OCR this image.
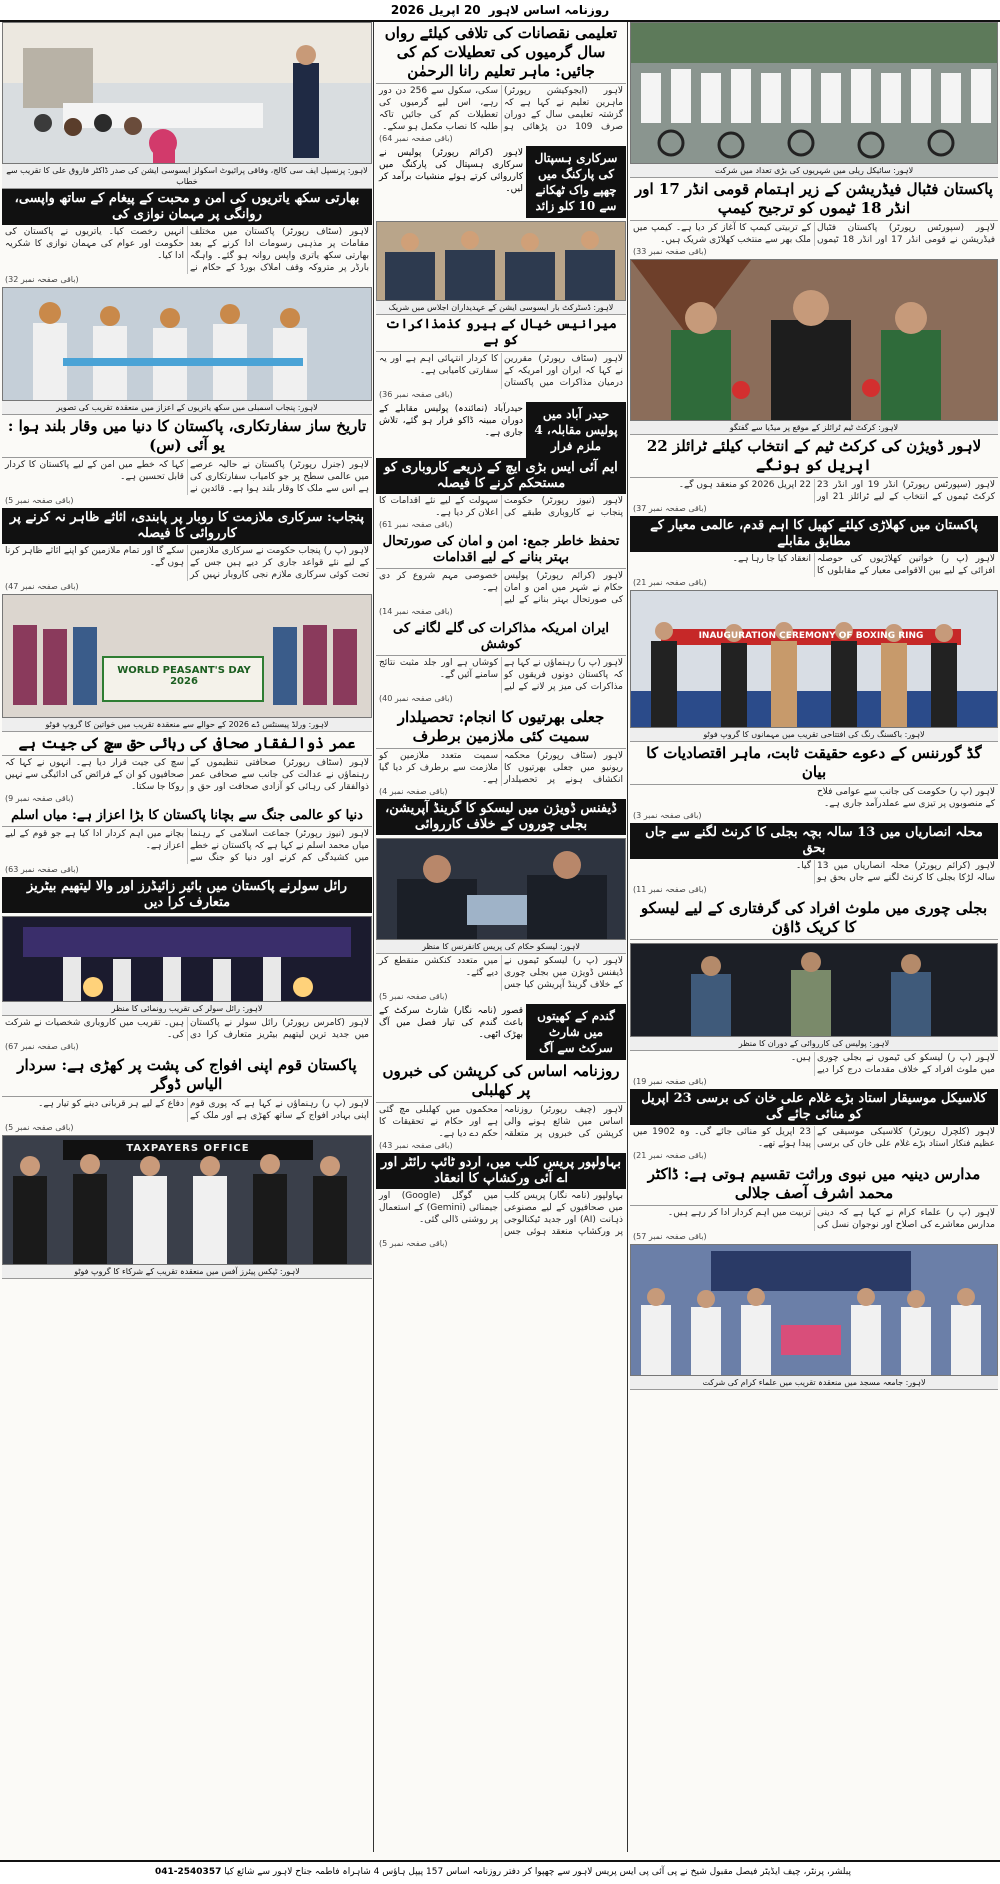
روزنامہ اساس لاہور
20 اپریل 2026
لاہور: پرنسپل ایف سی کالج، وفاقی پرائیوٹ اسکولز ایسوسی ایشن کی صدر ڈاکٹر فاروق علی کا تقریب سے خطاب
بھارتی سکھ یاتریوں کی امن و محبت کے پیغام کے ساتھ واپسی، روانگی پر مہمان نوازی کی
لاہور (سٹاف رپورٹر) پاکستان میں مختلف مقامات پر مذہبی رسومات ادا کرنے کے بعد بھارتی سکھ یاتری واپس روانہ ہو گئے۔ واہگہ بارڈر پر متروکہ وقف املاک بورڈ کے حکام نے انہیں رخصت کیا۔ یاتریوں نے پاکستان کی حکومت اور عوام کی مہمان نوازی کا شکریہ ادا کیا۔
(باقی صفحہ نمبر 32)
لاہور: پنجاب اسمبلی میں سکھ یاتریوں کے اعزاز میں منعقدہ تقریب کی تصویر
تاریخ ساز سفارتکاری، پاکستان کا دنیا میں وقار بلند ہوا : یو آئی (س)
لاہور (جنرل رپورٹر) پاکستان نے حالیہ عرصے میں عالمی سطح پر جو کامیاب سفارتکاری کی ہے اس سے ملک کا وقار بلند ہوا ہے۔ قائدین نے کہا کہ خطے میں امن کے لیے پاکستان کا کردار قابل تحسین ہے۔
(باقی صفحہ نمبر 5)
پنجاب: سرکاری ملازمت کا روبار پر پابندی، اثاثے ظاہر نہ کرنے پر کارروائی کا فیصلہ
لاہور (پ ر) پنجاب حکومت نے سرکاری ملازمین کے لیے نئے قواعد جاری کر دیے ہیں جس کے تحت کوئی سرکاری ملازم نجی کاروبار نہیں کر سکے گا اور تمام ملازمین کو اپنے اثاثے ظاہر کرنا ہوں گے۔
(باقی صفحہ نمبر 47)
WORLD PEASANT'S DAY 2026
لاہور: ورلڈ پیسنٹس ڈے 2026 کے حوالے سے منعقدہ تقریب میں خواتین کا گروپ فوٹو
عمر ذوالفقار صحافی کی رہائی حق سچ کی جیت ہے
لاہور (سٹاف رپورٹر) صحافتی تنظیموں کے رہنماؤں نے عدالت کی جانب سے صحافی عمر ذوالفقار کی رہائی کو آزادی صحافت اور حق و سچ کی جیت قرار دیا ہے۔ انہوں نے کہا کہ صحافیوں کو ان کے فرائض کی ادائیگی سے نہیں روکا جا سکتا۔
(باقی صفحہ نمبر 9)
دنیا کو عالمی جنگ سے بچانا پاکستان کا بڑا اعزاز ہے: میاں اسلم
لاہور (نیوز رپورٹر) جماعت اسلامی کے رہنما میاں محمد اسلم نے کہا ہے کہ پاکستان نے خطے میں کشیدگی کم کرنے اور دنیا کو جنگ سے بچانے میں اہم کردار ادا کیا ہے جو قوم کے لیے اعزاز ہے۔
(باقی صفحہ نمبر 63)
رائل سولرنے پاکستان میں بائیر زائیڈرز اور والا لیتھیم بیٹریز متعارف کرا دیں
لاہور: رائل سولر کی تقریب رونمائی کا منظر
لاہور (کامرس رپورٹر) رائل سولر نے پاکستان میں جدید ترین لیتھیم بیٹریز متعارف کرا دی ہیں۔ تقریب میں کاروباری شخصیات نے شرکت کی۔
(باقی صفحہ نمبر 67)
پاکستان قوم اپنی افواج کی پشت پر کھڑی ہے: سردار الیاس ڈوگر
لاہور (پ ر) رہنماؤں نے کہا ہے کہ پوری قوم اپنی بہادر افواج کے ساتھ کھڑی ہے اور ملک کے دفاع کے لیے ہر قربانی دینے کو تیار ہے۔
(باقی صفحہ نمبر 5)
TAXPAYERS OFFICE
لاہور: ٹیکس پیئرز آفس میں منعقدہ تقریب کے شرکاء کا گروپ فوٹو
تعلیمی نقصانات کی تلافی کیلئے رواں سال گرمیوں کی تعطیلات کم کی جائیں: ماہر تعلیم رانا الرحمٰن
لاہور (ایجوکیشن رپورٹر) ماہرین تعلیم نے کہا ہے کہ گزشتہ تعلیمی سال کے دوران صرف 109 دن پڑھائی ہو سکی، سکول سے 256 دن دور رہے، اس لیے گرمیوں کی تعطیلات کم کی جائیں تاکہ طلبہ کا نصاب مکمل ہو سکے۔
(باقی صفحہ نمبر 64)
سرکاری ہسپتال کی پارکنگ میں چھپے واک ٹھکانے سے 10 کلو زائد
لاہور (کرائم رپورٹر) پولیس نے سرکاری ہسپتال کی پارکنگ میں کارروائی کرتے ہوئے منشیات برآمد کر لیں۔
لاہور: ڈسٹرکٹ بار ایسوسی ایشن کے عہدیداران اجلاس میں شریک
میرانیس خیال کے ہیرو کذمذاکرات کو ہے
لاہور (سٹاف رپورٹر) مقررین نے کہا کہ ایران اور امریکہ کے درمیان مذاکرات میں پاکستان کا کردار انتہائی اہم ہے اور یہ سفارتی کامیابی ہے۔
(باقی صفحہ نمبر 36)
حیدر آباد میں پولیس مقابلہ، 4 ملزم فرار
حیدرآباد (نمائندہ) پولیس مقابلے کے دوران مبینہ ڈاکو فرار ہو گئے، تلاش جاری ہے۔
ایم آئی ایس بڑی ایچ کے ذریعے کاروباری کو مستحکم کرنے کا فیصلہ
لاہور (نیوز رپورٹر) حکومت پنجاب نے کاروباری طبقے کی سہولت کے لیے نئے اقدامات کا اعلان کر دیا ہے۔
(باقی صفحہ نمبر 61)
تحفظ خاطر جمع: امن و امان کی صورتحال بہتر بنانے کے لیے اقدامات
لاہور (کرائم رپورٹر) پولیس حکام نے شہر میں امن و امان کی صورتحال بہتر بنانے کے لیے خصوصی مہم شروع کر دی ہے۔
(باقی صفحہ نمبر 14)
ایران امریکہ مذاکرات کی گلے لگانے کی کوشش
لاہور (پ ر) رہنماؤں نے کہا ہے کہ پاکستان دونوں فریقوں کو مذاکرات کی میز پر لانے کے لیے کوشاں ہے اور جلد مثبت نتائج سامنے آئیں گے۔
(باقی صفحہ نمبر 40)
جعلی بھرتیوں کا انجام: تحصیلدار سمیت کئی ملازمین برطرف
لاہور (سٹاف رپورٹر) محکمہ ریونیو میں جعلی بھرتیوں کا انکشاف ہونے پر تحصیلدار سمیت متعدد ملازمین کو ملازمت سے برطرف کر دیا گیا ہے۔
(باقی صفحہ نمبر 4)
ڈیفنس ڈویژن میں لیسکو کا گرینڈ آپریشن، بجلی چوروں کے خلاف کارروائی
لاہور: لیسکو حکام کی پریس کانفرنس کا منظر
لاہور (پ ر) لیسکو ٹیموں نے ڈیفنس ڈویژن میں بجلی چوری کے خلاف گرینڈ آپریشن کیا جس میں متعدد کنکشن منقطع کر دیے گئے۔
(باقی صفحہ نمبر 5)
گندم کے کھیتوں میں شارٹ سرکٹ سے آگ
قصور (نامہ نگار) شارٹ سرکٹ کے باعث گندم کی تیار فصل میں آگ بھڑک اٹھی۔
روزنامہ اساس کی کرپشن کی خبروں پر کھلبلی
لاہور (چیف رپورٹر) روزنامہ اساس میں شائع ہونے والی کرپشن کی خبروں پر متعلقہ محکموں میں کھلبلی مچ گئی ہے اور حکام نے تحقیقات کا حکم دے دیا ہے۔
(باقی صفحہ نمبر 43)
بہاولپور پریس کلب میں، اردو ٹائپ رائٹر اور اے آئی ورکشاپ کا انعقاد
بہاولپور (نامہ نگار) پریس کلب میں صحافیوں کے لیے مصنوعی ذہانت (AI) اور جدید ٹیکنالوجی پر ورکشاپ منعقد ہوئی جس میں گوگل (Google) اور جیمنائی (Gemini) کے استعمال پر روشنی ڈالی گئی۔
(باقی صفحہ نمبر 5)
لاہور: سائیکل ریلی میں شہریوں کی بڑی تعداد میں شرکت
پاکستان فٹبال فیڈریشن کے زیر اہتمام قومی انڈر 17 اور انڈر 18 ٹیموں کو ترجیح کیمپ
لاہور (سپورٹس رپورٹر) پاکستان فٹبال فیڈریشن نے قومی انڈر 17 اور انڈر 18 ٹیموں کے تربیتی کیمپ کا آغاز کر دیا ہے۔ کیمپ میں ملک بھر سے منتخب کھلاڑی شریک ہیں۔
(باقی صفحہ نمبر 33)
لاہور: کرکٹ ٹیم ٹرائلز کے موقع پر میڈیا سے گفتگو
لاہور ڈویژن کی کرکٹ ٹیم کے انتخاب کیلئے ٹرائلز 22 اپریل کو ہونگے
لاہور (سپورٹس رپورٹر) انڈر 19 اور انڈر 23 کرکٹ ٹیموں کے انتخاب کے لیے ٹرائلز 21 اور 22 اپریل 2026 کو منعقد ہوں گے۔
(باقی صفحہ نمبر 37)
پاکستان میں کھلاڑی کیلئے کھیل کا اہم قدم، عالمی معیار کے مطابق مقابلے
لاہور (پ ر) خواتین کھلاڑیوں کی حوصلہ افزائی کے لیے بین الاقوامی معیار کے مقابلوں کا انعقاد کیا جا رہا ہے۔
(باقی صفحہ نمبر 21)
INAUGURATION CEREMONY OF BOXING RING
لاہور: باکسنگ رنگ کی افتتاحی تقریب میں مہمانوں کا گروپ فوٹو
گڈ گورننس کے دعوے حقیقت ثابت، ماہر اقتصادیات کا بیان
لاہور (پ ر) حکومت کی جانب سے عوامی فلاح کے منصوبوں پر تیزی سے عملدرآمد جاری ہے۔
(باقی صفحہ نمبر 3)
محلہ انصاریاں میں 13 سالہ بچہ بجلی کا کرنٹ لگنے سے جاں بحق
لاہور (کرائم رپورٹر) محلہ انصاریاں میں 13 سالہ لڑکا بجلی کا کرنٹ لگنے سے جاں بحق ہو گیا۔
(باقی صفحہ نمبر 11)
بجلی چوری میں ملوث افراد کی گرفتاری کے لیے لیسکو کا کریک ڈاؤن
لاہور: پولیس کی کارروائی کے دوران کا منظر
لاہور (پ ر) لیسکو کی ٹیموں نے بجلی چوری میں ملوث افراد کے خلاف مقدمات درج کرا دیے ہیں۔
(باقی صفحہ نمبر 19)
کلاسیکل موسیقار استاد بڑے غلام علی خان کی برسی 23 اپریل کو منائی جائے گی
لاہور (کلچرل رپورٹر) کلاسیکی موسیقی کے عظیم فنکار استاد بڑے غلام علی خان کی برسی 23 اپریل کو منائی جائے گی۔ وہ 1902 میں پیدا ہوئے تھے۔
(باقی صفحہ نمبر 21)
مدارس دینیہ میں نبوی وراثت تقسیم ہوتی ہے: ڈاکٹر محمد اشرف آصف جلالی
لاہور (پ ر) علماء کرام نے کہا ہے کہ دینی مدارس معاشرے کی اصلاح اور نوجوان نسل کی تربیت میں اہم کردار ادا کر رہے ہیں۔
(باقی صفحہ نمبر 57)
لاہور: جامعہ مسجد میں منعقدہ تقریب میں علماء کرام کی شرکت
پبلشر، پرنٹر، چیف ایڈیٹر فیصل مقبول شیخ نے پی آئی پی ایس پریس لاہور سے چھپوا کر دفتر روزنامہ اساس 157 پیپل ہاؤس 4 شاہراہ فاطمہ جناح لاہور سے شائع کیا 041-2540357
